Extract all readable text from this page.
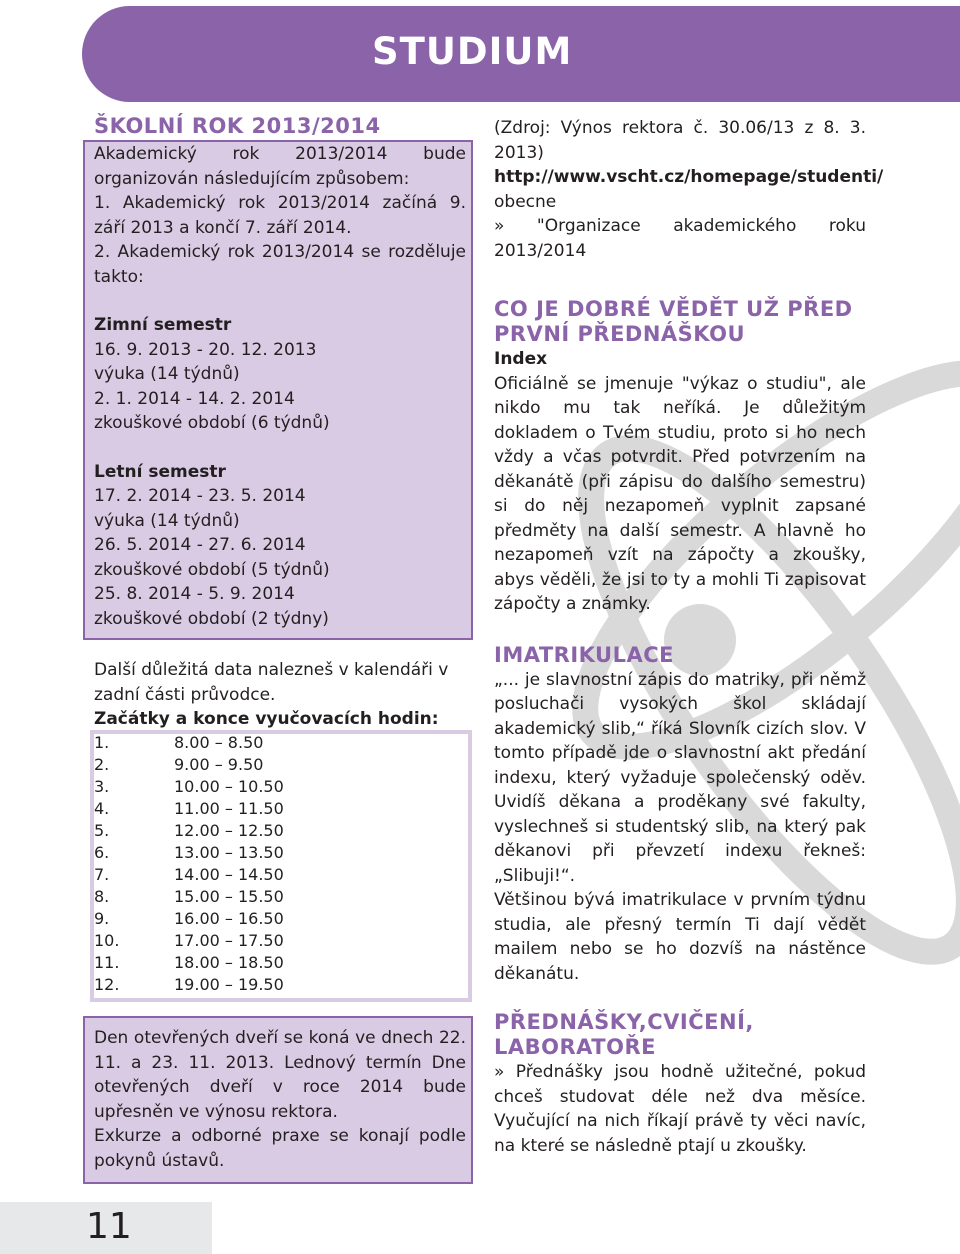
STUDIUM
ŠKOLNÍ ROK 2013/2014
Akademický rok 2013/2014 bude organizován následujícím způsobem:
1. Akademický rok 2013/2014 začíná 9. září 2013 a končí 7. září 2014.
2. Akademický rok 2013/2014 se rozděluje takto:
Zimní semestr
16. 9. 2013 - 20. 12. 2013
výuka (14 týdnů)
2. 1. 2014 - 14. 2. 2014
zkouškové období (6 týdnů)
Letní semestr
17. 2. 2014 - 23. 5. 2014
výuka (14 týdnů)
26. 5. 2014 - 27. 6. 2014
zkouškové období (5 týdnů)
25. 8. 2014 - 5. 9. 2014
zkouškové období (2 týdny)
Další důležitá data nalezneš v kalendáři v zadní části průvodce.
Začátky a konce vyučovacích hodin:
1.	8.00 – 8.50
2.	9.00 – 9.50
3.	10.00 – 10.50
4.	11.00 – 11.50
5.	12.00 – 12.50
6.	13.00 – 13.50
7.	14.00 – 14.50
8.	15.00 – 15.50
9.	16.00 – 16.50
10.	17.00 – 17.50
11.	18.00 – 18.50
12.	19.00 – 19.50
Den otevřených dveří se koná ve dnech 22. 11. a 23. 11. 2013. Lednový termín Dne otevřených dveří v roce 2014 bude upřesněn ve výnosu rektora.
Exkurze a odborné praxe se konají podle pokynů ústavů.
11
(Zdroj: Výnos rektora č. 30.06/13 z 8. 3. 2013)
http://www.vscht.cz/homepage/studenti/
obecne
» "Organizace akademického roku 2013/2014
CO JE DOBRÉ VĚDĚT UŽ PŘED PRVNÍ PŘEDNÁŠKOU
Index
Oficiálně se jmenuje "výkaz o studiu", ale nikdo mu tak neříká. Je důležitým dokladem o Tvém studiu, proto si ho nech vždy a včas potvrdit. Před potvrzením na děkanátě (při zápisu do dalšího semestru) si do něj nezapomeň vyplnit zapsané předměty na další semestr. A hlavně ho nezapomeň vzít na zápočty a zkoušky, abys věděli, že jsi to ty a mohli Ti zapisovat zápočty a známky.
IMATRIKULACE
„... je slavnostní zápis do matriky, při němž posluchači vysokých škol skládají akademický slib,“ říká Slovník cizích slov. V tomto případě jde o slavnostní akt předání indexu, který vyžaduje společenský oděv. Uvidíš děkana a proděkany své fakulty, vyslechneš si studentský slib, na který pak děkanovi při převzetí indexu řekneš: „Slibuji!“.
Většinou bývá imatrikulace v prvním týdnu studia, ale přesný termín Ti dají vědět mailem nebo se ho dozvíš na nástěnce děkanátu.
PŘEDNÁŠKY,CVIČENÍ, LABORATOŘE
» Přednášky jsou hodně užitečné, pokud chceš studovat déle než dva měsíce. Vyučující na nich říkají právě ty věci navíc, na které se následně ptají u zkoušky.
